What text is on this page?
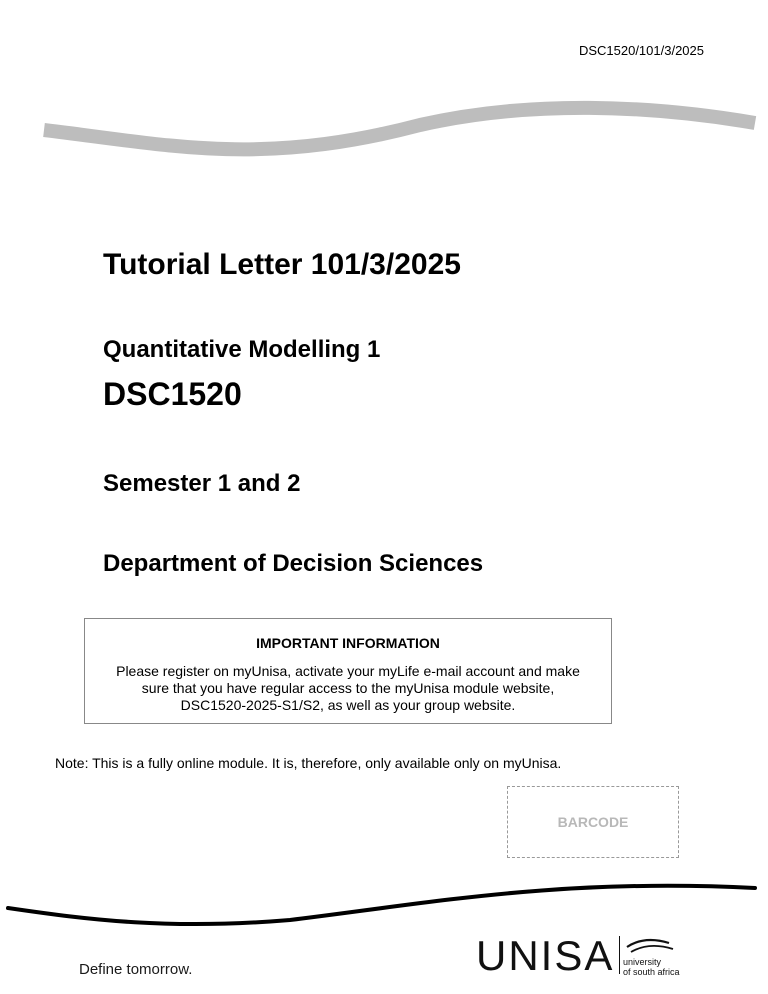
DSC1520/101/3/2025
Tutorial Letter 101/3/2025
Quantitative Modelling 1
DSC1520
Semester 1 and 2
Department of Decision Sciences
IMPORTANT INFORMATION
Please register on myUnisa, activate your myLife e-mail account and make sure that you have regular access to the myUnisa module website, DSC1520-2025-S1/S2, as well as your group website.
Note: This is a fully online module. It is, therefore, only available only on myUnisa.
BARCODE
Define tomorrow.	UNISA university
of south africa
